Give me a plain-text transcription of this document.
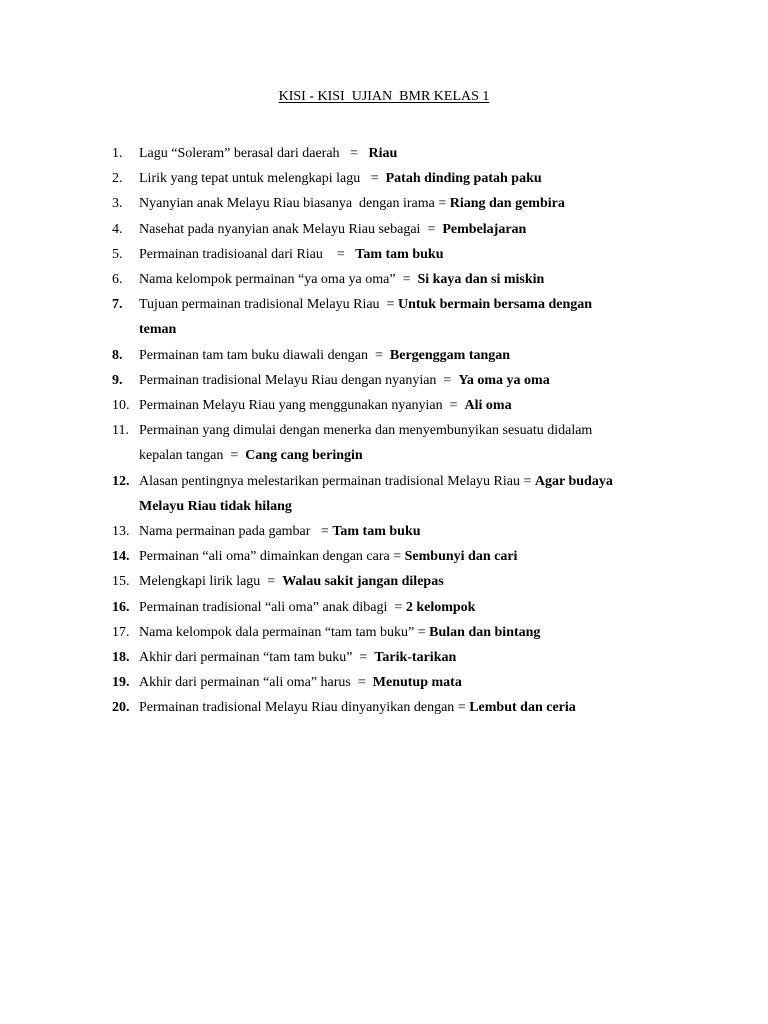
KISI - KISI  UJIAN  BMR KELAS 1
1. Lagu “Soleram” berasal dari daerah   =   Riau
2. Lirik yang tepat untuk melengkapi lagu   =  Patah dinding patah paku
3. Nyanyian anak Melayu Riau biasanya  dengan irama = Riang dan gembira
4. Nasehat pada nyanyian anak Melayu Riau sebagai  =  Pembelajaran
5. Permainan tradisioanal dari Riau    =   Tam tam buku
6. Nama kelompok permainan “ya oma ya oma”  =  Si kaya dan si miskin
7. Tujuan permainan tradisional Melayu Riau  = Untuk bermain bersama dengan
teman
8. Permainan tam tam buku diawali dengan  =  Bergenggam tangan
9. Permainan tradisional Melayu Riau dengan nyanyian  =  Ya oma ya oma
10. Permainan Melayu Riau yang menggunakan nyanyian  =  Ali oma
11. Permainan yang dimulai dengan menerka dan menyembunyikan sesuatu didalam
kepalan tangan  =  Cang cang beringin
12. Alasan pentingnya melestarikan permainan tradisional Melayu Riau = Agar budaya
Melayu Riau tidak hilang
13. Nama permainan pada gambar   = Tam tam buku
14. Permainan “ali oma” dimainkan dengan cara = Sembunyi dan cari
15. Melengkapi lirik lagu  =  Walau sakit jangan dilepas
16. Permainan tradisional “ali oma” anak dibagi  = 2 kelompok
17. Nama kelompok dala permainan “tam tam buku” = Bulan dan bintang
18. Akhir dari permainan “tam tam buku”  =  Tarik-tarikan
19. Akhir dari permainan “ali oma” harus  =  Menutup mata
20. Permainan tradisional Melayu Riau dinyanyikan dengan = Lembut dan ceria
